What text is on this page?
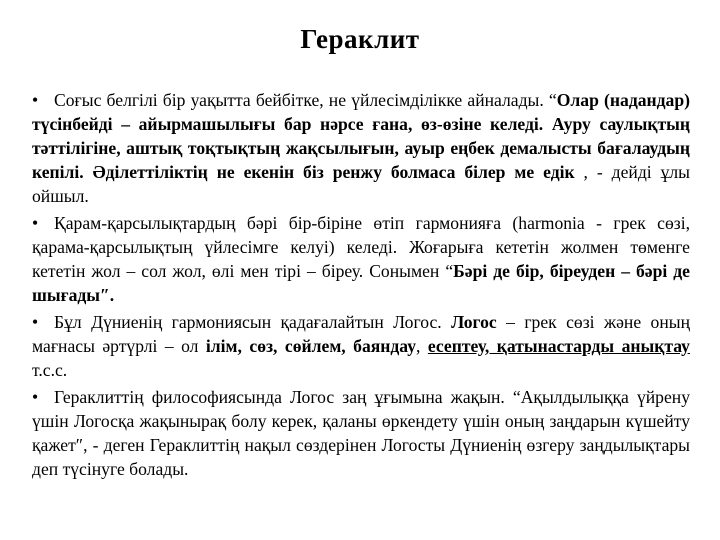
Гераклит

• Соғыс белгілі бір уақытта бейбітке, не үйлесімділікке айналады. “Олар (надандар) түсінбейді – айырмашылығы бар нәрсе ғана, өз-өзіне келеді. Ауру саулықтың тәттілігіне, аштық тоқтықтың жақсылығын, ауыр еңбек демалысты бағалаудың кепілі. Әділеттіліктің не екенін біз ренжу болмаса білер ме едік , - дейді ұлы ойшыл.

• Қарам-қарсылықтардың бәрі бір-біріне өтіп гармонияға (harmonia - грек сөзі, қарама-қарсылықтың үйлесімге келуі) келеді. Жоғарыға кететін жолмен төменге кететін жол – сол жол, өлі мен тірі – біреу. Сонымен “Бәрі де бір, біреуден – бәрі де шығады″.

• Бұл Дүниенің гармониясын қадағалайтын Логос. Логос – грек сөзі және оның мағнасы әртүрлі – ол ілім, сөз, сөйлем, баяндау, есептеу, қатынастарды анықтау т.с.с.

• Гераклиттің философиясында Логос заң ұғымына жақын. “Ақылдылыққа үйрену үшін Логосқа жақынырақ болу керек, қаланы өркендету үшін оның заңдарын күшейту қажет″, - деген Гераклиттің нақыл сөздерінен Логосты Дүниенің өзгеру заңдылықтары деп түсінуге болады.
